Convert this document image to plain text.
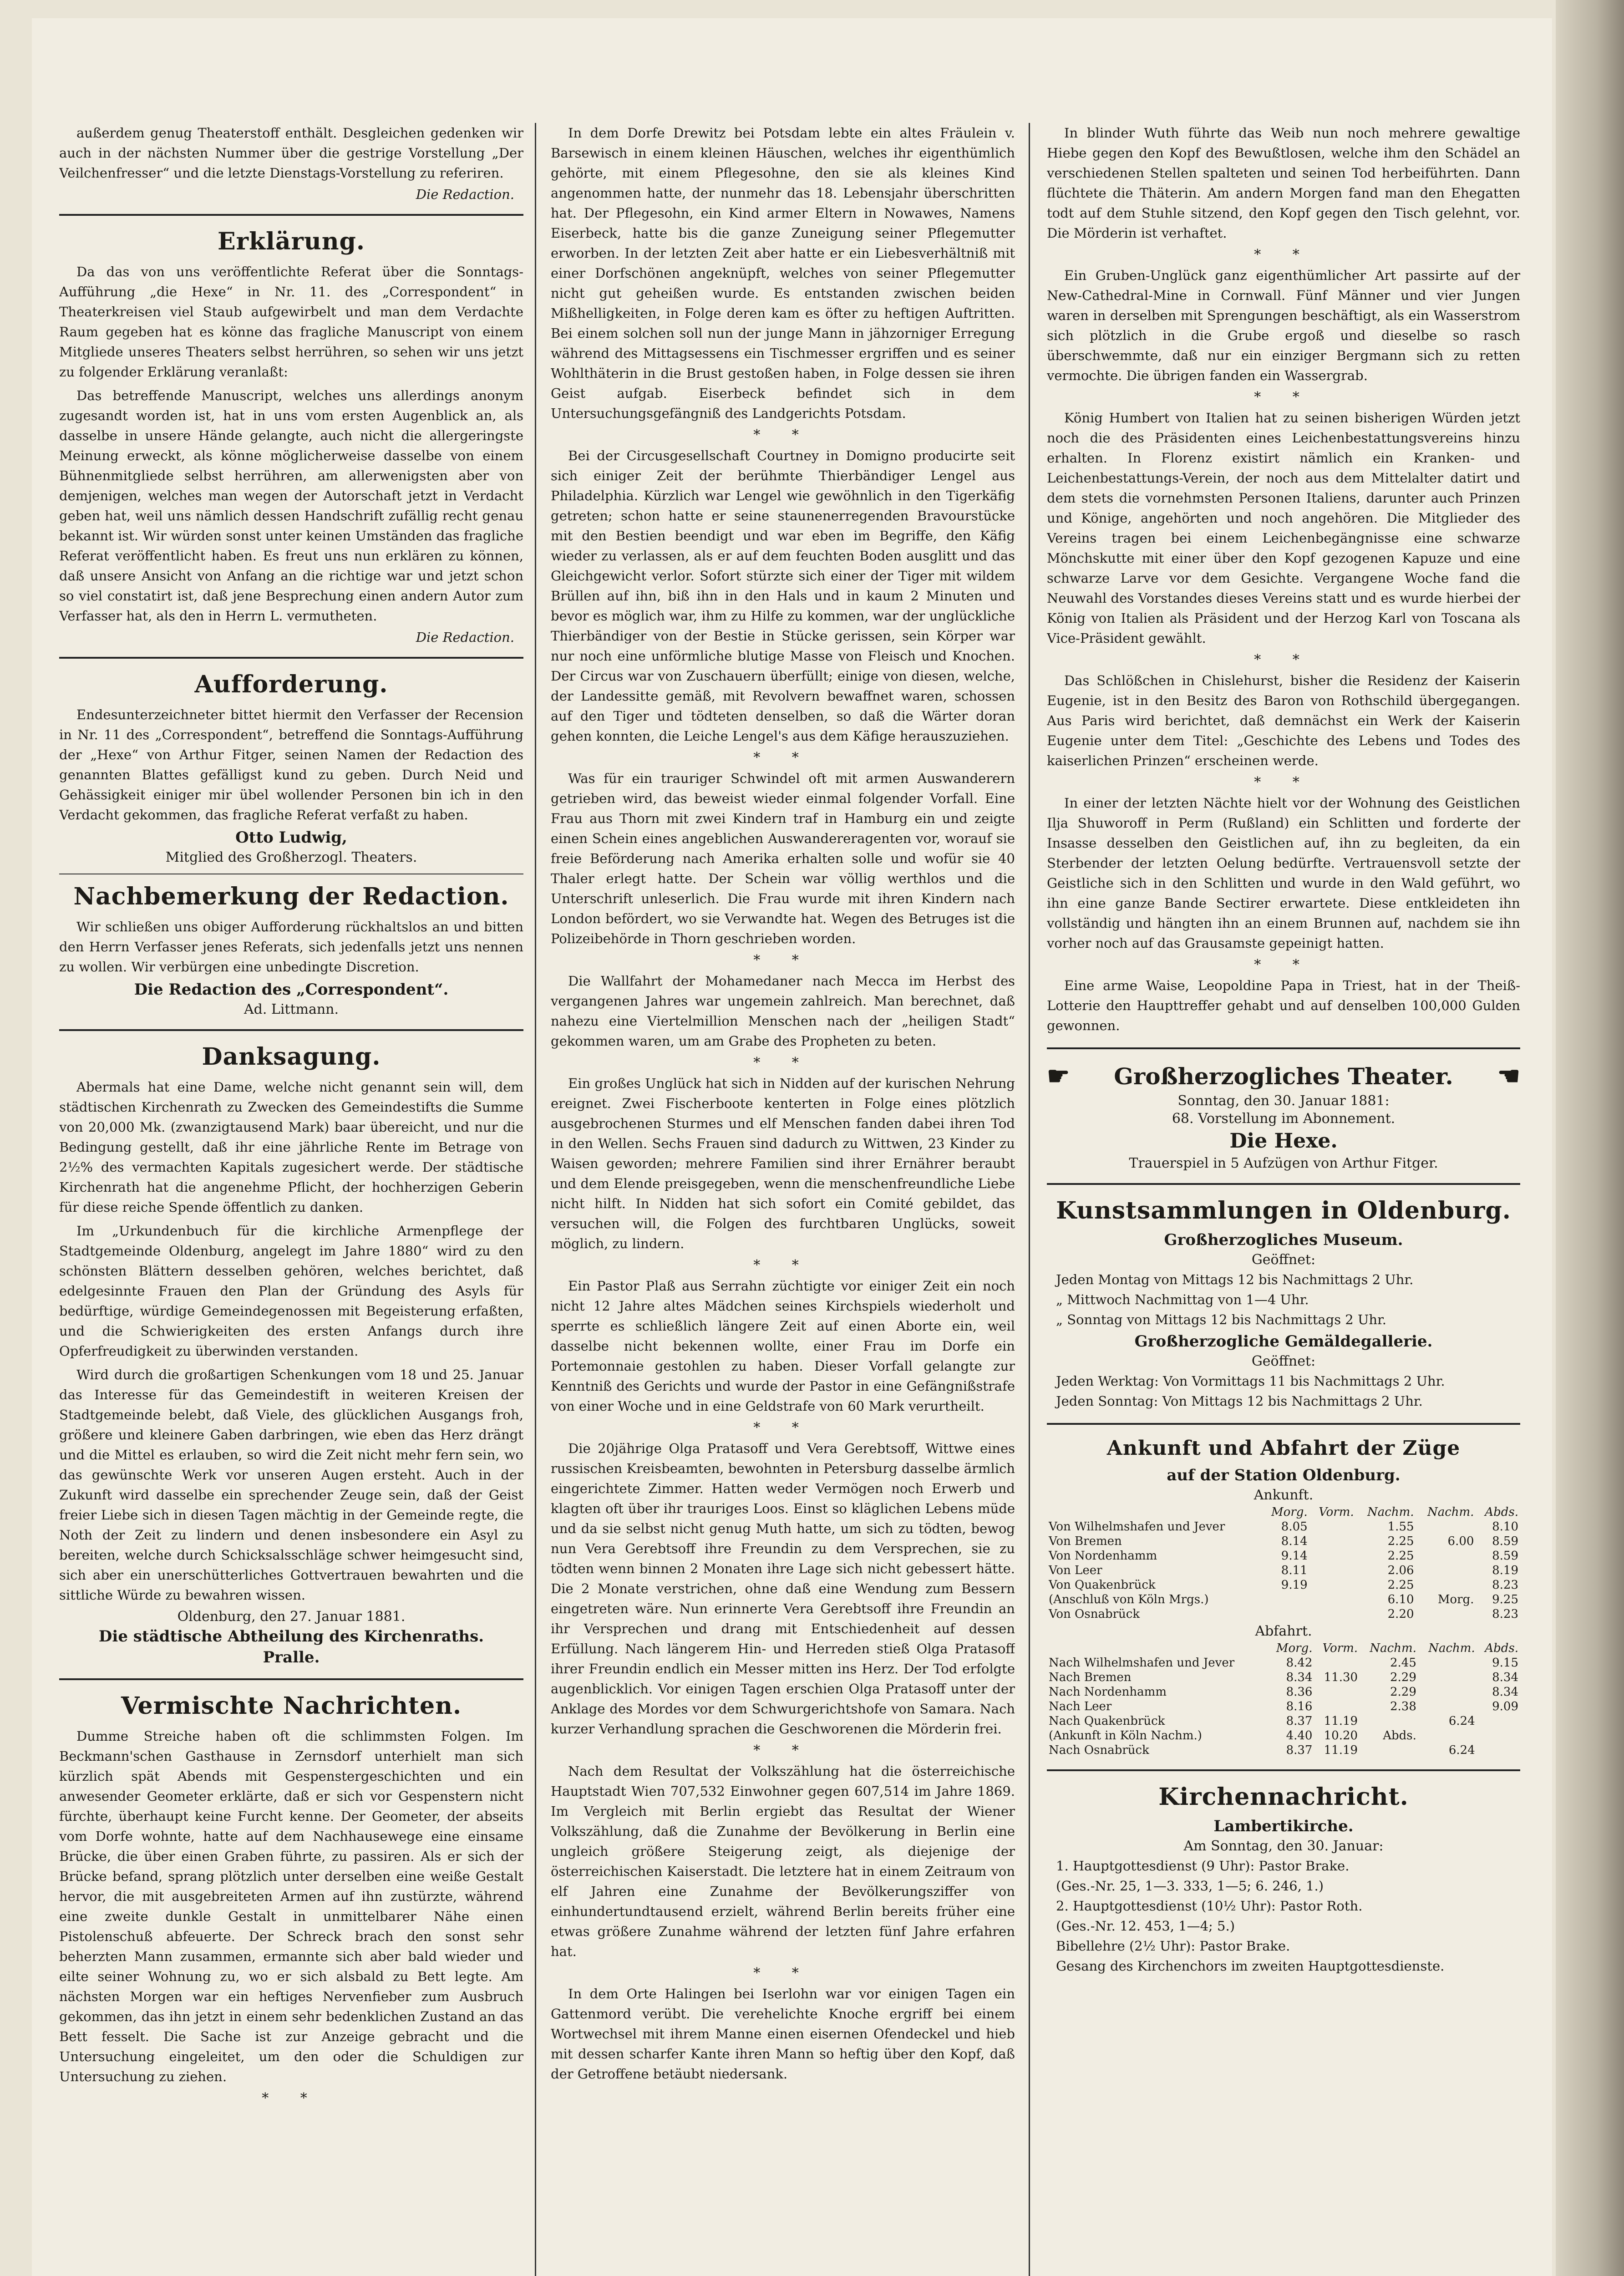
außerdem genug Theaterstoff enthält. Desgleichen gedenken wir auch in der nächsten Nummer über die gestrige Vorstellung „Der Veilchenfresser“ und die letzte Dienstags-Vorstellung zu referiren.

Die Redaction.
Erklärung.

Da das von uns veröffentlichte Referat über die Sonntags-Aufführung „die Hexe“ in Nr. 11. des „Correspondent“ in Theaterkreisen viel Staub aufgewirbelt und man dem Verdachte Raum gegeben hat es könne das fragliche Manuscript von einem Mitgliede unseres Theaters selbst herrühren, so sehen wir uns jetzt zu folgender Erklärung veranlaßt:

Das betreffende Manuscript, welches uns allerdings anonym zugesandt worden ist, hat in uns vom ersten Augenblick an, als dasselbe in unsere Hände gelangte, auch nicht die allergeringste Meinung erweckt, als könne möglicherweise dasselbe von einem Bühnenmitgliede selbst herrühren, am allerwenigsten aber von demjenigen, welches man wegen der Autorschaft jetzt in Verdacht geben hat, weil uns nämlich dessen Handschrift zufällig recht genau bekannt ist. Wir würden sonst unter keinen Umständen das fragliche Referat veröffentlicht haben. Es freut uns nun erklären zu können, daß unsere Ansicht von Anfang an die richtige war und jetzt schon so viel constatirt ist, daß jene Besprechung einen andern Autor zum Verfasser hat, als den in Herrn L. vermutheten.

Die Redaction.
Aufforderung.

Endesunterzeichneter bittet hiermit den Verfasser der Recension in Nr. 11 des „Correspondent“, betreffend die Sonntags-Aufführung der „Hexe“ von Arthur Fitger, seinen Namen der Redaction des genannten Blattes gefälligst kund zu geben. Durch Neid und Gehässigkeit einiger mir übel wollender Personen bin ich in den Verdacht gekommen, das fragliche Referat verfaßt zu haben.

Otto Ludwig,
Mitglied des Großherzogl. Theaters.
Nachbemerkung der Redaction.

Wir schließen uns obiger Aufforderung rückhaltslos an und bitten den Herrn Verfasser jenes Referats, sich jedenfalls jetzt uns nennen zu wollen. Wir verbürgen eine unbedingte Discretion.

Die Redaction des „Correspondent“.
Ad. Littmann.
Danksagung.

Abermals hat eine Dame, welche nicht genannt sein will, dem städtischen Kirchenrath zu Zwecken des Gemeindestifts die Summe von 20,000 Mk. (zwanzigtausend Mark) baar übereicht, und nur die Bedingung gestellt, daß ihr eine jährliche Rente im Betrage von 2½% des vermachten Kapitals zugesichert werde. Der städtische Kirchenrath hat die angenehme Pflicht, der hochherzigen Geberin für diese reiche Spende öffentlich zu danken.

Im „Urkundenbuch für die kirchliche Armenpflege der Stadtgemeinde Oldenburg, angelegt im Jahre 1880“ wird zu den schönsten Blättern desselben gehören, welches berichtet, daß edelgesinnte Frauen den Plan der Gründung des Asyls für bedürftige, würdige Gemeindegenossen mit Begeisterung erfaßten, und die Schwierigkeiten des ersten Anfangs durch ihre Opferfreudigkeit zu überwinden verstanden.

Wird durch die großartigen Schenkungen vom 18 und 25. Januar das Interesse für das Gemeindestift in weiteren Kreisen der Stadtgemeinde belebt, daß Viele, des glücklichen Ausgangs froh, größere und kleinere Gaben darbringen, wie eben das Herz drängt und die Mittel es erlauben, so wird die Zeit nicht mehr fern sein, wo das gewünschte Werk vor unseren Augen ersteht. Auch in der Zukunft wird dasselbe ein sprechender Zeuge sein, daß der Geist freier Liebe sich in diesen Tagen mächtig in der Gemeinde regte, die Noth der Zeit zu lindern und denen insbesondere ein Asyl zu bereiten, welche durch Schicksalsschläge schwer heimgesucht sind, sich aber ein unerschütterliches Gottvertrauen bewahrten und die sittliche Würde zu bewahren wissen.

Oldenburg, den 27. Januar 1881.
Die städtische Abtheilung des Kirchenraths.
Pralle.
Vermischte Nachrichten.

Dumme Streiche haben oft die schlimmsten Folgen. Im Beckmann'schen Gasthause in Zernsdorf unterhielt man sich kürzlich spät Abends mit Gespenstergeschichten und ein anwesender Geometer erklärte, daß er sich vor Gespenstern nicht fürchte, überhaupt keine Furcht kenne. Der Geometer, der abseits vom Dorfe wohnte, hatte auf dem Nachhausewege eine einsame Brücke, die über einen Graben führte, zu passiren. Als er sich der Brücke befand, sprang plötzlich unter derselben eine weiße Gestalt hervor, die mit ausgebreiteten Armen auf ihn zustürzte, während eine zweite dunkle Gestalt in unmittelbarer Nähe einen Pistolenschuß abfeuerte. Der Schreck brach den sonst sehr beherzten Mann zusammen, ermannte sich aber bald wieder und eilte seiner Wohnung zu, wo er sich alsbald zu Bett legte. Am nächsten Morgen war ein heftiges Nervenfieber zum Ausbruch gekommen, das ihn jetzt in einem sehr bedenklichen Zustand an das Bett fesselt. Die Sache ist zur Anzeige gebracht und die Untersuchung eingeleitet, um den oder die Schuldigen zur Untersuchung zu ziehen.

* *

In dem Dorfe Drewitz bei Potsdam lebte ein altes Fräulein v. Barsewisch in einem kleinen Häuschen, welches ihr eigenthümlich gehörte, mit einem Pflegesohne, den sie als kleines Kind angenommen hatte, der nunmehr das 18. Lebensjahr überschritten hat. Der Pflegesohn, ein Kind armer Eltern in Nowawes, Namens Eiserbeck, hatte bis die ganze Zuneigung seiner Pflegemutter erworben. In der letzten Zeit aber hatte er ein Liebesverhältniß mit einer Dorfschönen angeknüpft, welches von seiner Pflegemutter nicht gut geheißen wurde. Es entstanden zwischen beiden Mißhelligkeiten, in Folge deren kam es öfter zu heftigen Auftritten. Bei einem solchen soll nun der junge Mann in jähzorniger Erregung während des Mittagsessens ein Tischmesser ergriffen und es seiner Wohlthäterin in die Brust gestoßen haben, in Folge dessen sie ihren Geist aufgab. Eiserbeck befindet sich in dem Untersuchungsgefängniß des Landgerichts Potsdam.

* *

Bei der Circusgesellschaft Courtney in Domigno producirte seit sich einiger Zeit der berühmte Thierbändiger Lengel aus Philadelphia. Kürzlich war Lengel wie gewöhnlich in den Tigerkäfig getreten; schon hatte er seine staunenerregenden Bravourstücke mit den Bestien beendigt und war eben im Begriffe, den Käfig wieder zu verlassen, als er auf dem feuchten Boden ausglitt und das Gleichgewicht verlor. Sofort stürzte sich einer der Tiger mit wildem Brüllen auf ihn, biß ihn in den Hals und in kaum 2 Minuten und bevor es möglich war, ihm zu Hilfe zu kommen, war der unglückliche Thierbändiger von der Bestie in Stücke gerissen, sein Körper war nur noch eine unförmliche blutige Masse von Fleisch und Knochen. Der Circus war von Zuschauern überfüllt; einige von diesen, welche, der Landessitte gemäß, mit Revolvern bewaffnet waren, schossen auf den Tiger und tödteten denselben, so daß die Wärter doran gehen konnten, die Leiche Lengel's aus dem Käfige herauszuziehen.

* *

Was für ein trauriger Schwindel oft mit armen Auswanderern getrieben wird, das beweist wieder einmal folgender Vorfall. Eine Frau aus Thorn mit zwei Kindern traf in Hamburg ein und zeigte einen Schein eines angeblichen Auswandereragenten vor, worauf sie freie Beförderung nach Amerika erhalten solle und wofür sie 40 Thaler erlegt hatte. Der Schein war völlig werthlos und die Unterschrift unleserlich. Die Frau wurde mit ihren Kindern nach London befördert, wo sie Verwandte hat. Wegen des Betruges ist die Polizeibehörde in Thorn geschrieben worden.

* *

Die Wallfahrt der Mohamedaner nach Mecca im Herbst des vergangenen Jahres war ungemein zahlreich. Man berechnet, daß nahezu eine Viertelmillion Menschen nach der „heiligen Stadt“ gekommen waren, um am Grabe des Propheten zu beten.

* *

Ein großes Unglück hat sich in Nidden auf der kurischen Nehrung ereignet. Zwei Fischerboote kenterten in Folge eines plötzlich ausgebrochenen Sturmes und elf Menschen fanden dabei ihren Tod in den Wellen. Sechs Frauen sind dadurch zu Wittwen, 23 Kinder zu Waisen geworden; mehrere Familien sind ihrer Ernährer beraubt und dem Elende preisgegeben, wenn die menschenfreundliche Liebe nicht hilft. In Nidden hat sich sofort ein Comité gebildet, das versuchen will, die Folgen des furchtbaren Unglücks, soweit möglich, zu lindern.

* *

Ein Pastor Plaß aus Serrahn züchtigte vor einiger Zeit ein noch nicht 12 Jahre altes Mädchen seines Kirchspiels wiederholt und sperrte es schließlich längere Zeit auf einen Aborte ein, weil dasselbe nicht bekennen wollte, einer Frau im Dorfe ein Portemonnaie gestohlen zu haben. Dieser Vorfall gelangte zur Kenntniß des Gerichts und wurde der Pastor in eine Gefängnißstrafe von einer Woche und in eine Geldstrafe von 60 Mark verurtheilt.

* *

Die 20jährige Olga Pratasoff und Vera Gerebtsoff, Wittwe eines russischen Kreisbeamten, bewohnten in Petersburg dasselbe ärmlich eingerichtete Zimmer. Hatten weder Vermögen noch Erwerb und klagten oft über ihr trauriges Loos. Einst so kläglichen Lebens müde und da sie selbst nicht genug Muth hatte, um sich zu tödten, bewog nun Vera Gerebtsoff ihre Freundin zu dem Versprechen, sie zu tödten wenn binnen 2 Monaten ihre Lage sich nicht gebessert hätte. Die 2 Monate verstrichen, ohne daß eine Wendung zum Bessern eingetreten wäre. Nun erinnerte Vera Gerebtsoff ihre Freundin an ihr Versprechen und drang mit Entschiedenheit auf dessen Erfüllung. Nach längerem Hin- und Herreden stieß Olga Pratasoff ihrer Freundin endlich ein Messer mitten ins Herz. Der Tod erfolgte augenblicklich. Vor einigen Tagen erschien Olga Pratasoff unter der Anklage des Mordes vor dem Schwurgerichtshofe von Samara. Nach kurzer Verhandlung sprachen die Geschworenen die Mörderin frei.

* *

Nach dem Resultat der Volkszählung hat die österreichische Hauptstadt Wien 707,532 Einwohner gegen 607,514 im Jahre 1869. Im Vergleich mit Berlin ergiebt das Resultat der Wiener Volkszählung, daß die Zunahme der Bevölkerung in Berlin eine ungleich größere Steigerung zeigt, als diejenige der österreichischen Kaiserstadt. Die letztere hat in einem Zeitraum von elf Jahren eine Zunahme der Bevölkerungsziffer von einhundertundtausend erzielt, während Berlin bereits früher eine etwas größere Zunahme während der letzten fünf Jahre erfahren hat.

* *

In dem Orte Halingen bei Iserlohn war vor einigen Tagen ein Gattenmord verübt. Die verehelichte Knoche ergriff bei einem Wortwechsel mit ihrem Manne einen eisernen Ofendeckel und hieb mit dessen scharfer Kante ihren Mann so heftig über den Kopf, daß der Getroffene betäubt niedersank.

In blinder Wuth führte das Weib nun noch mehrere gewaltige Hiebe gegen den Kopf des Bewußtlosen, welche ihm den Schädel an verschiedenen Stellen spalteten und seinen Tod herbeiführten. Dann flüchtete die Thäterin. Am andern Morgen fand man den Ehegatten todt auf dem Stuhle sitzend, den Kopf gegen den Tisch gelehnt, vor. Die Mörderin ist verhaftet.

* *

Ein Gruben-Unglück ganz eigenthümlicher Art passirte auf der New-Cathedral-Mine in Cornwall. Fünf Männer und vier Jungen waren in derselben mit Sprengungen beschäftigt, als ein Wasserstrom sich plötzlich in die Grube ergoß und dieselbe so rasch überschwemmte, daß nur ein einziger Bergmann sich zu retten vermochte. Die übrigen fanden ein Wassergrab.

* *

König Humbert von Italien hat zu seinen bisherigen Würden jetzt noch die des Präsidenten eines Leichenbestattungsvereins hinzu erhalten. In Florenz existirt nämlich ein Kranken- und Leichenbestattungs-Verein, der noch aus dem Mittelalter datirt und dem stets die vornehmsten Personen Italiens, darunter auch Prinzen und Könige, angehörten und noch angehören. Die Mitglieder des Vereins tragen bei einem Leichenbegängnisse eine schwarze Mönchskutte mit einer über den Kopf gezogenen Kapuze und eine schwarze Larve vor dem Gesichte. Vergangene Woche fand die Neuwahl des Vorstandes dieses Vereins statt und es wurde hierbei der König von Italien als Präsident und der Herzog Karl von Toscana als Vice-Präsident gewählt.

* *

Das Schlößchen in Chislehurst, bisher die Residenz der Kaiserin Eugenie, ist in den Besitz des Baron von Rothschild übergegangen. Aus Paris wird berichtet, daß demnächst ein Werk der Kaiserin Eugenie unter dem Titel: „Geschichte des Lebens und Todes des kaiserlichen Prinzen“ erscheinen werde.

* *

In einer der letzten Nächte hielt vor der Wohnung des Geistlichen Ilja Shuworoff in Perm (Rußland) ein Schlitten und forderte der Insasse desselben den Geistlichen auf, ihn zu begleiten, da ein Sterbender der letzten Oelung bedürfte. Vertrauensvoll setzte der Geistliche sich in den Schlitten und wurde in den Wald geführt, wo ihn eine ganze Bande Sectirer erwartete. Diese entkleideten ihn vollständig und hängten ihn an einem Brunnen auf, nachdem sie ihn vorher noch auf das Grausamste gepeinigt hatten.

* *

Eine arme Waise, Leopoldine Papa in Triest, hat in der Theiß-Lotterie den Haupttreffer gehabt und auf denselben 100,000 Gulden gewonnen.

☛ Großherzogliches Theater. ☚
Sonntag, den 30. Januar 1881:
68. Vorstellung im Abonnement.
Die Hexe.
Trauerspiel in 5 Aufzügen von Arthur Fitger.
Kunstsammlungen in Oldenburg.
Großherzogliches Museum.
Geöffnet:
Jeden Montag von Mittags 12 bis Nachmittags 2 Uhr.
„ Mittwoch Nachmittag von 1—4 Uhr.
„ Sonntag von Mittags 12 bis Nachmittags 2 Uhr.
Großherzogliche Gemäldegallerie.
Geöffnet:
Jeden Werktag: Von Vormittags 11 bis Nachmittags 2 Uhr.
Jeden Sonntag: Von Mittags 12 bis Nachmittags 2 Uhr.
Ankunft und Abfahrt der Züge
auf der Station Oldenburg.
Ankunft.
	Morg.	Vorm.	Nachm.	Nachm.	Abds.
Von Wilhelmshafen und Jever	8.05		1.55		8.10
Von Bremen	8.14		2.25	6.00	8.59
Von Nordenhamm	9.14		2.25		8.59
Von Leer	8.11		2.06		8.19
Von Quakenbrück	9.19		2.25		8.23
(Anschluß von Köln Mrgs.)			6.10	Morg.	9.25
Von Osnabrück			2.20		8.23
Abfahrt.
	Morg.	Vorm.	Nachm.	Nachm.	Abds.
Nach Wilhelmshafen und Jever	8.42		2.45		9.15
Nach Bremen	8.34	11.30	2.29		8.34
Nach Nordenhamm	8.36		2.29		8.34
Nach Leer	8.16		2.38		9.09
Nach Quakenbrück	8.37	11.19		6.24	
(Ankunft in Köln Nachm.)	4.40	10.20	Abds.		
Nach Osnabrück	8.37	11.19		6.24	
Kirchennachricht.
Lambertikirche.
Am Sonntag, den 30. Januar:
1. Hauptgottesdienst (9 Uhr): Pastor Brake.
(Ges.-Nr. 25, 1—3. 333, 1—5; 6. 246, 1.)
2. Hauptgottesdienst (10½ Uhr): Pastor Roth.
(Ges.-Nr. 12. 453, 1—4; 5.)
Bibellehre (2½ Uhr): Pastor Brake.
Gesang des Kirchenchors im zweiten Hauptgottesdienste.
